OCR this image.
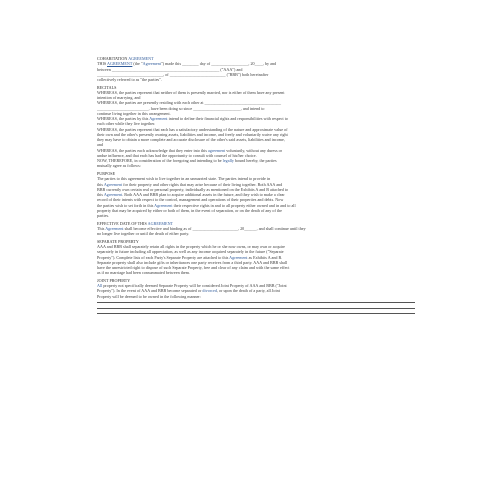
COHABITATION AGREEMENT
THIS AGREEMENT (the "Agreement") made this ________ day of __________________, 20____, by and
between ____________________________________________________ ("AAA") and
________________________________, of ___________________________ ("BBB") both hereinafter
collectively referred to as "the parties".
RECITALS
WHEREAS, the parties represent that neither of them is presently married, nor is either of them have any present
intention of marrying, and
WHEREAS, the parties are presently residing with each other at _____________________________________
_________________________, have been doing so since _______________________, and intend to
continue living together in this arrangement.
WHEREAS, the parties by this Agreement intend to define their financial rights and responsibilities with respect to
each other while they live together.
WHEREAS, the parties represent that each has a satisfactory understanding of the nature and approximate value of
their own and the other's presently owning assets, liabilities and income, and freely and voluntarily waive any right
they may have to obtain a more complete and accurate disclosure of the other's said assets, liabilities and income,
and
WHEREAS, the parties each acknowledge that they enter into this agreement voluntarily, without any duress or
undue influence, and that each has had the opportunity to consult with counsel of his/her choice.
NOW, THEREFORE, in consideration of the foregoing and intending to be legally bound hereby, the parties
mutually agree as follows:
PURPOSE
The parties to this agreement wish to live together in an unmarried state. The parties intend to provide in
this Agreement for their property and other rights that may arise because of their living together. Both AAA and
BBB currently own certain real or personal property, individually as mentioned on the Exhibits A and B attached to
this Agreement. Both AAA and BBB plan to acquire additional assets in the future, and they wish to make a clear
record of their intents with respect to the control, management and operations of their properties and debts. Now
the parties wish to set forth in this Agreement their respective rights in and to all property either owned and in and to all
property that may be acquired by either or both of them, in the event of separation, or on the death of any of the
parties.
EFFECTIVE DATE OF THIS AGREEMENT
This Agreement shall become effective and binding as of ______________________, 20______, and shall continue until they
no longer live together or until the death of either party.
SEPARATE PROPERTY
AAA and BBB shall separately retain all rights in the property which he or she now owns, or may own or acquire
separately in future including all appreciation, as well as any income acquired separately in the future ("Separate
Property"). Complete lists of each Party's Separate Property are attached to this Agreement as Exhibits A and B.
Separate property shall also include gifts or inheritances one party receives from a third party. AAA and BBB shall
have the unrestricted right to dispose of such Separate Property, free and clear of any claim and with the same effect
as if no marriage had been consummated between them.
JOINT PROPERTY
All property not specifically deemed Separate Property will be considered Joint Property of AAA and BBB ("Joint
Property"). In the event of AAA and BBB become separated or divorced, or upon the death of a party, all Joint
Property will be deemed to be owned in the following manner:
